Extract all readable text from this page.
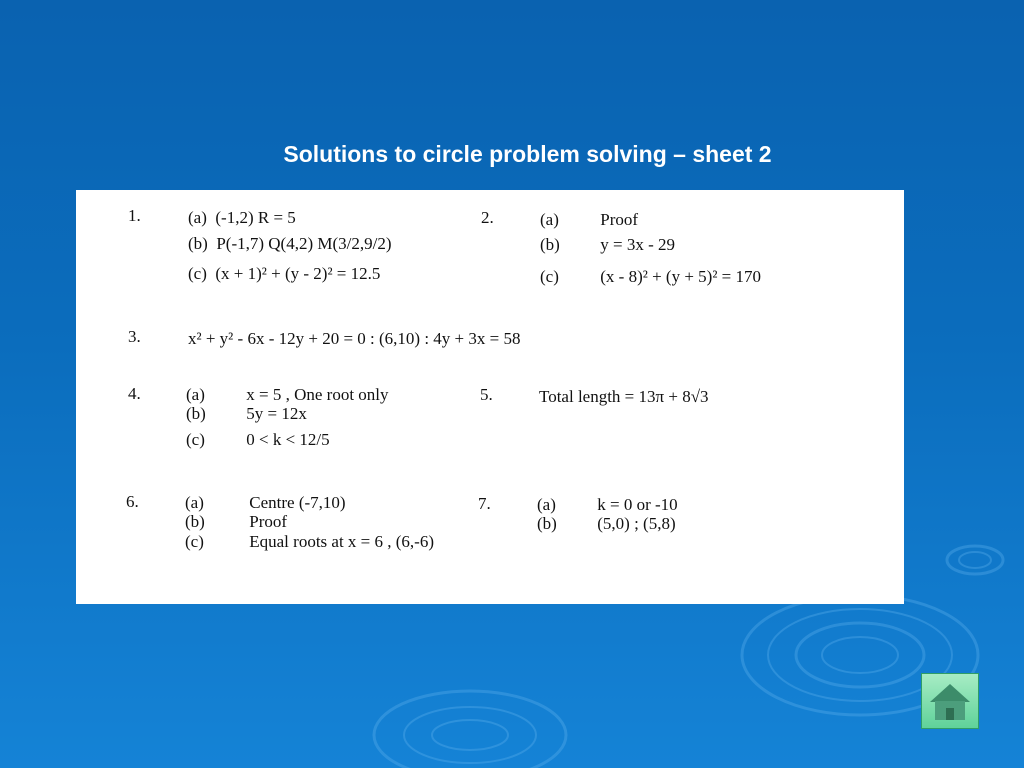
Solutions to circle problem solving – sheet 2
1.	(a) (-1,2) R = 5
(b) P(-1,7) Q(4,2) M(3/2,9/2)
(c) (x + 1)² + (y - 2)² = 12.5
2.	(a) Proof
(b) y = 3x - 29
(c) (x - 8)² + (y + 5)² = 170
3.	x² + y² - 6x - 12y + 20 = 0 : (6,10) : 4y + 3x = 58
4.	(a) x = 5 , One root only
(b) 5y = 12x
(c) 0 < k < 12/5
5.	Total length = 13π + 8√3
6.	(a)	Centre (-7,10)
(b)	Proof
(c)	Equal roots at x = 6 , (6,-6)
7.	(a) k = 0 or -10
(b) (5,0) ; (5,8)
